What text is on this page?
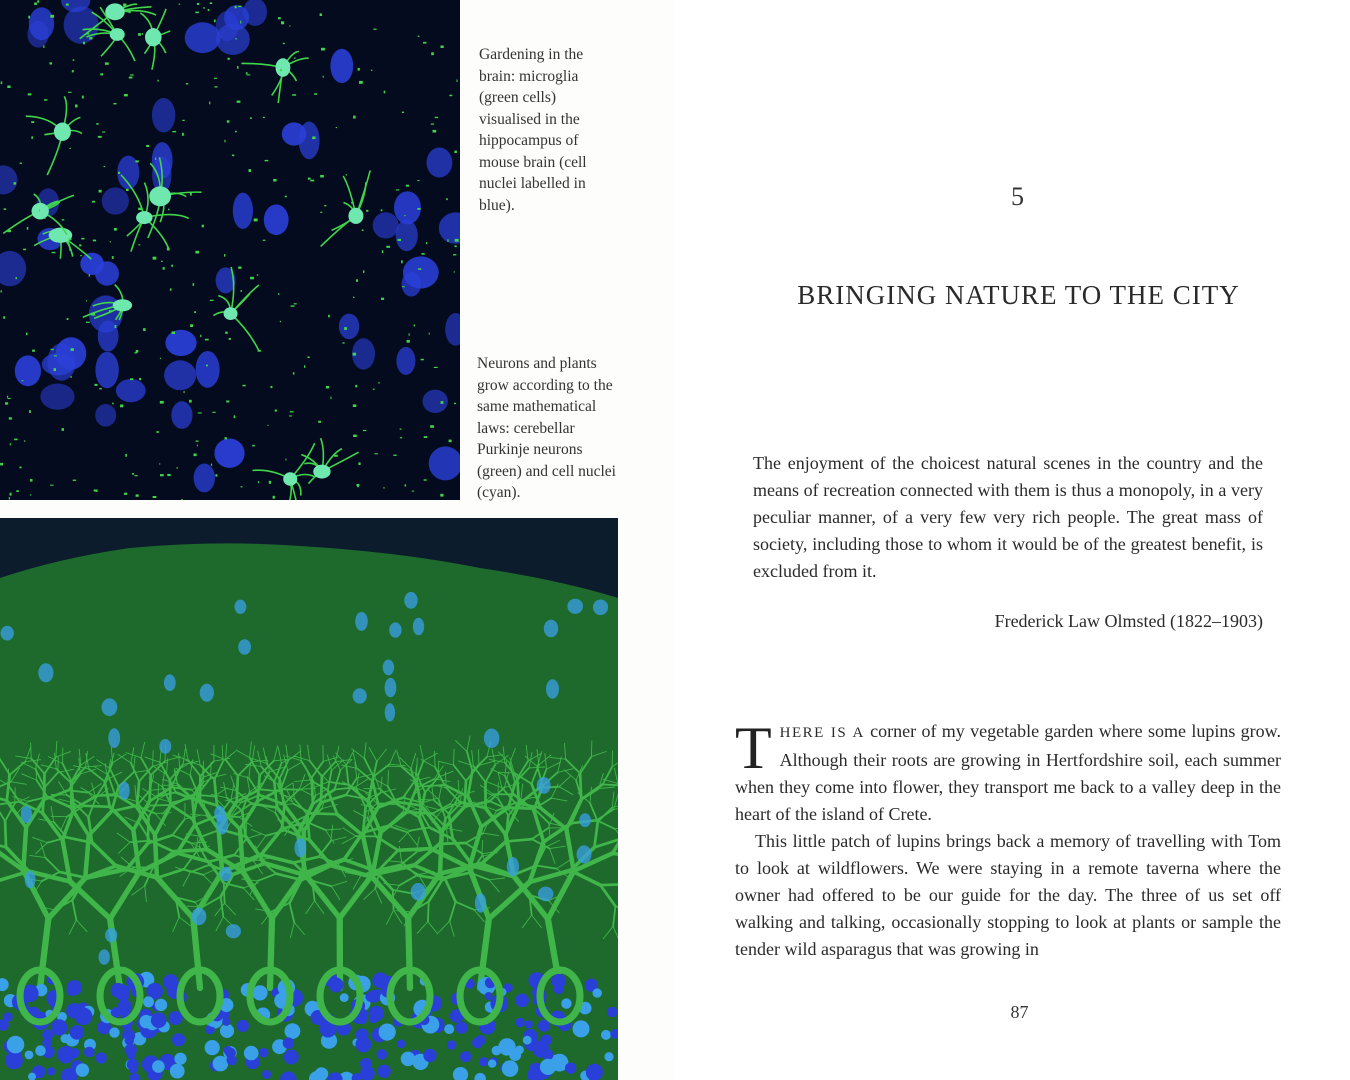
Gardening in the brain: microglia (green cells) visualised in the hippocampus of mouse brain (cell nuclei labelled in blue).

Neurons and plants grow according to the same mathematical laws: cerebellar Purkinje neurons (green) and cell nuclei (cyan).

5

BRINGING NATURE TO THE CITY

The enjoyment of the choicest natural scenes in the country and the means of recreation connected with them is thus a monopoly, in a very peculiar manner, of a very few very rich people. The great mass of society, including those to whom it would be of the greatest benefit, is excluded from it.

Frederick Law Olmsted (1822–1903)

THERE IS A corner of my vegetable garden where some lupins grow. Although their roots are growing in Hertfordshire soil, each summer when they come into flower, they transport me back to a valley deep in the heart of the island of Crete.

This little patch of lupins brings back a memory of travelling with Tom to look at wildflowers. We were staying in a remote taverna where the owner had offered to be our guide for the day. The three of us set off walking and talking, occasionally stopping to look at plants or sample the tender wild asparagus that was growing in

87
